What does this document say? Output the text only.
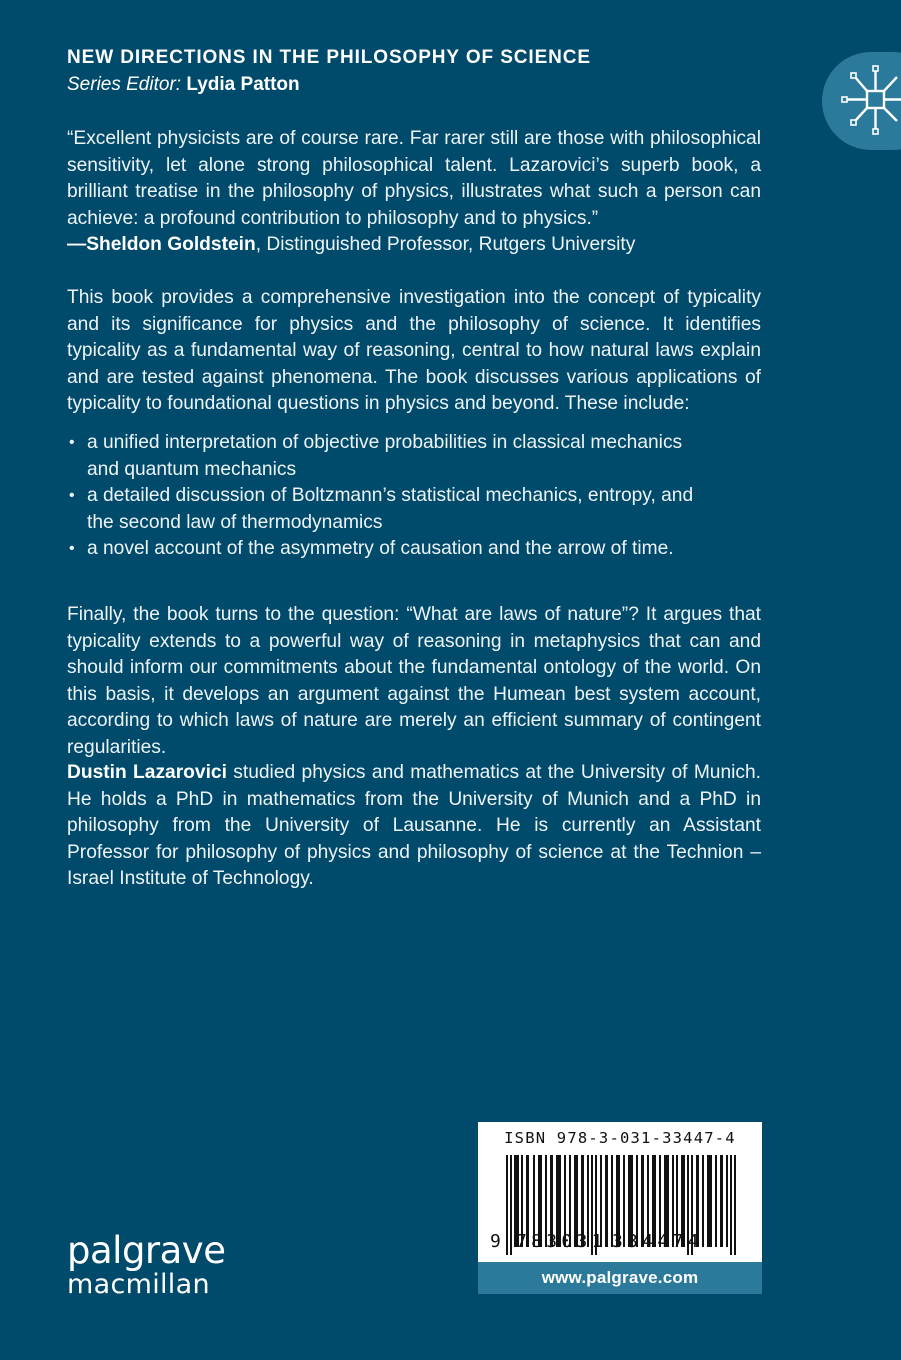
NEW DIRECTIONS IN THE PHILOSOPHY OF SCIENCE
Series Editor: Lydia Patton

“Excellent physicists are of course rare. Far rarer still are those with philosophical sensitivity, let alone strong philosophical talent. Lazarovici’s superb book, a brilliant treatise in the philosophy of physics, illustrates what such a person can achieve: a profound contribution to philosophy and to physics.”

—Sheldon Goldstein, Distinguished Professor, Rutgers University

This book provides a comprehensive investigation into the concept of typicality and its significance for physics and the philosophy of science. It identifies typicality as a fundamental way of reasoning, central to how natural laws explain and are tested against phenomena. The book discusses various applications of typicality to foundational questions in physics and beyond. These include:

• a unified interpretation of objective probabilities in classical mechanics and quantum mechanics
• a detailed discussion of Boltzmann’s statistical mechanics, entropy, and the second law of thermodynamics
• a novel account of the asymmetry of causation and the arrow of time.

Finally, the book turns to the question: “What are laws of nature”? It argues that typicality extends to a powerful way of reasoning in metaphysics that can and should inform our commitments about the fundamental ontology of the world. On this basis, it develops an argument against the Humean best system account, according to which laws of nature are merely an efficient summary of contingent regularities.

Dustin Lazarovici studied physics and mathematics at the University of Munich. He holds a PhD in mathematics from the University of Munich and a PhD in philosophy from the University of Lausanne. He is currently an Assistant Professor for philosophy of physics and philosophy of science at the Technion – Israel Institute of Technology.

ISBN 978-3-031-33447-4
9 783031 334474
www.palgrave.com
palgrave
macmillan
